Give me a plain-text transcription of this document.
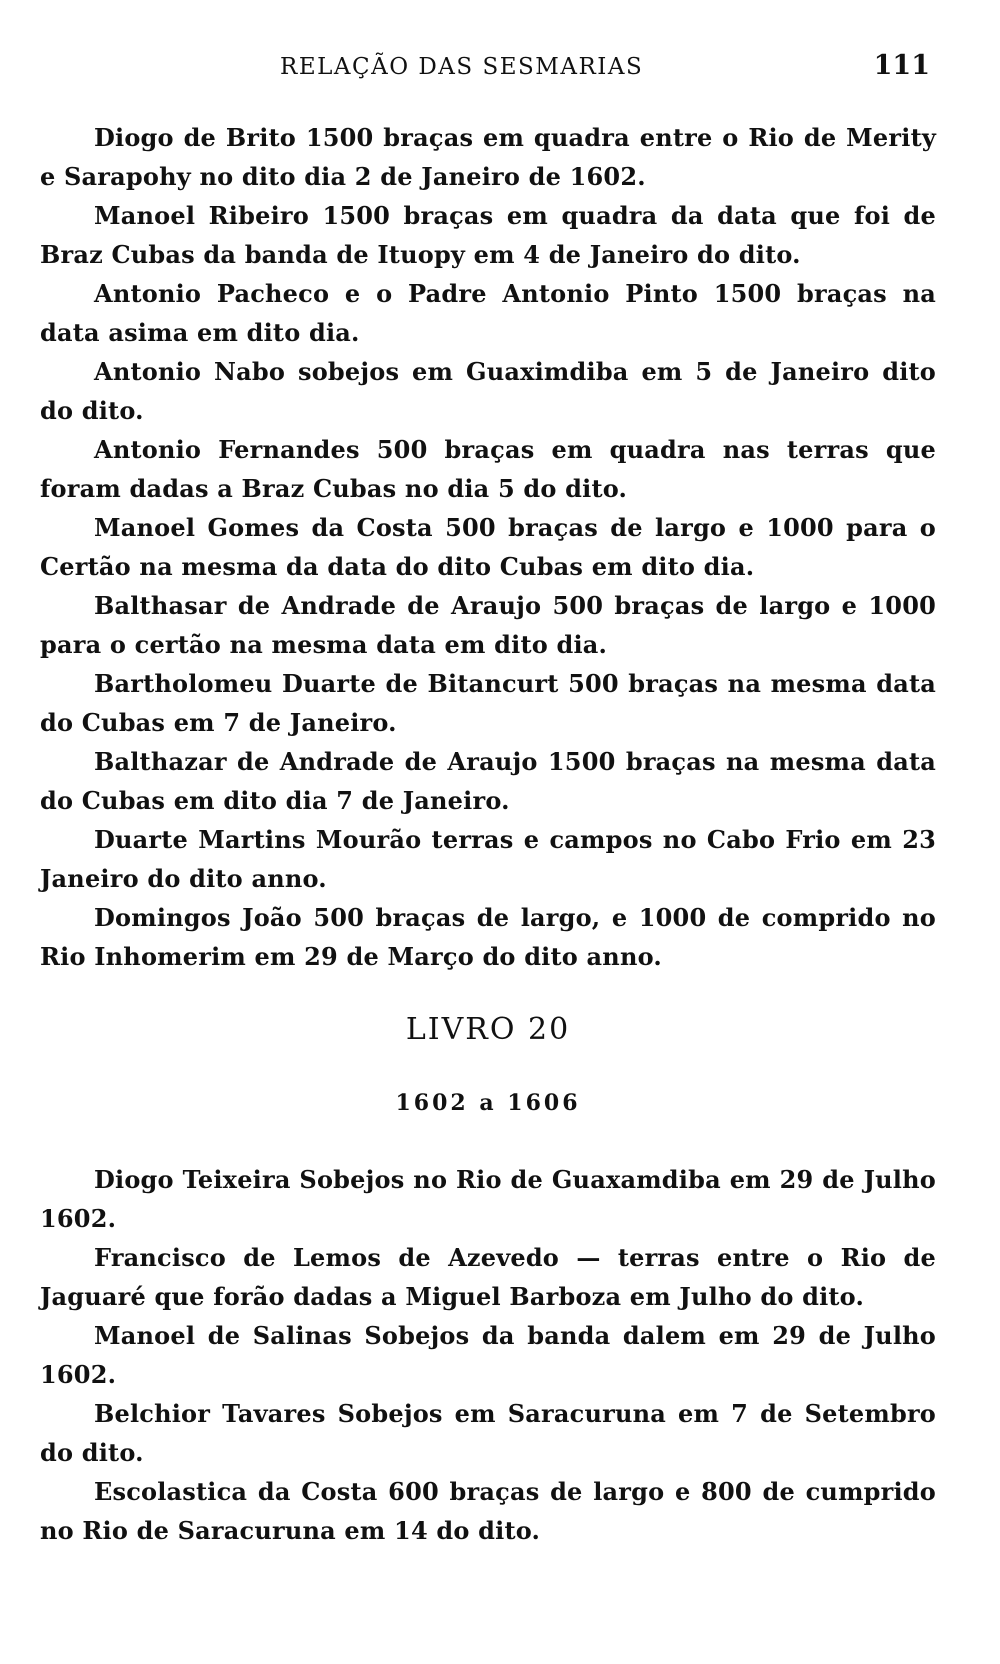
RELAÇÃO DAS SESMARIAS	111

Diogo de Brito 1500 braças em quadra entre o Rio de Merity e Sarapohy no dito dia 2 de Janeiro de 1602.

Manoel Ribeiro 1500 braças em quadra da data que foi de Braz Cubas da banda de Ituopy em 4 de Janeiro do dito.

Antonio Pacheco e o Padre Antonio Pinto 1500 braças na data asima em dito dia.

Antonio Nabo sobejos em Guaximdiba em 5 de Janeiro dito do dito.

Antonio Fernandes 500 braças em quadra nas terras que foram dadas a Braz Cubas no dia 5 do dito.

Manoel Gomes da Costa 500 braças de largo e 1000 para o Certão na mesma da data do dito Cubas em dito dia.

Balthasar de Andrade de Araujo 500 braças de largo e 1000 para o certão na mesma data em dito dia.

Bartholomeu Duarte de Bitancurt 500 braças na mesma data do Cubas em 7 de Janeiro.

Balthazar de Andrade de Araujo 1500 braças na mesma data do Cubas em dito dia 7 de Janeiro.

Duarte Martins Mourão terras e campos no Cabo Frio em 23 Janeiro do dito anno.

Domingos João 500 braças de largo, e 1000 de comprido no Rio Inhomerim em 29 de Março do dito anno.

LIVRO 20
1602 a 1606

Diogo Teixeira Sobejos no Rio de Guaxamdiba em 29 de Julho 1602.

Francisco de Lemos de Azevedo — terras entre o Rio de Jaguaré que forão dadas a Miguel Barboza em Julho do dito.

Manoel de Salinas Sobejos da banda dalem em 29 de Julho 1602.

Belchior Tavares Sobejos em Saracuruna em 7 de Setembro do dito.

Escolastica da Costa 600 braças de largo e 800 de cumprido no Rio de Saracuruna em 14 do dito.
